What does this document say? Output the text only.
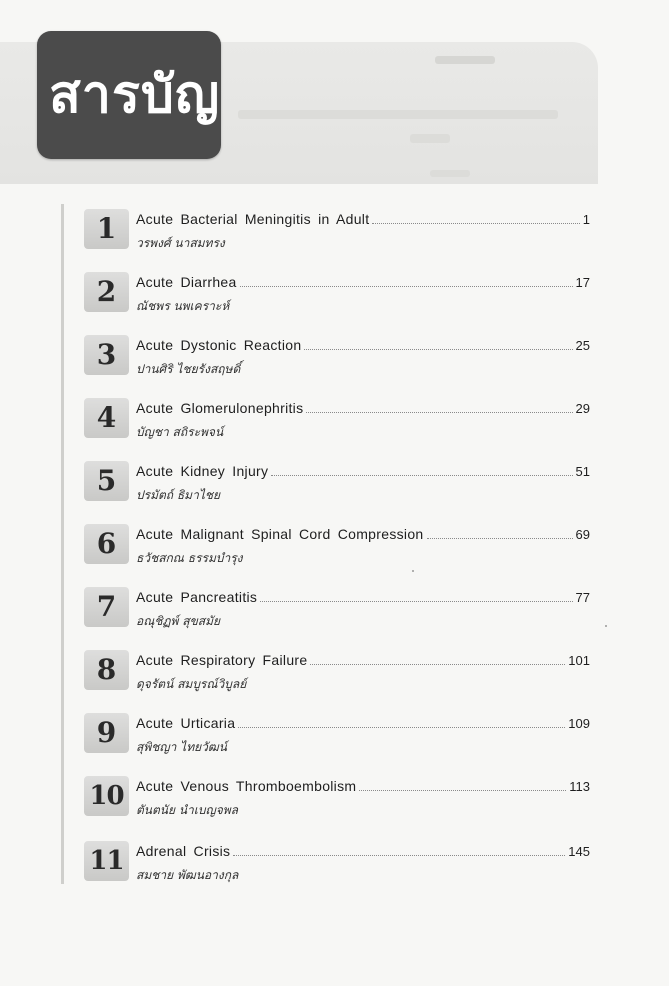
สารบัญ
1 Acute Bacterial Meningitis in Adult	1
วรพงศ์ นาสมทรง
2 Acute Diarrhea	17
ณัชพร นพเคราะห์
3 Acute Dystonic Reaction	25
ปานศิริ ไชยรังสฤษดิ์
4 Acute Glomerulonephritis	29
บัญชา สถิระพจน์
5 Acute Kidney Injury	51
ปรมัตถ์ ธิมาไชย
6 Acute Malignant Spinal Cord Compression	69
ธวัชสกณ ธรรมบำรุง
7 Acute Pancreatitis	77
อณุชิฏพ์ สุขสมัย
8 Acute Respiratory Failure	101
ดุจรัตน์ สมบูรณ์วิบูลย์
9 Acute Urticaria	109
สุพิชญา ไทยวัฒน์
10 Acute Venous Thromboembolism	113
ตันตนัย นำเบญจพล
11 Adrenal Crisis	145
สมชาย พัฒนอางกุล
